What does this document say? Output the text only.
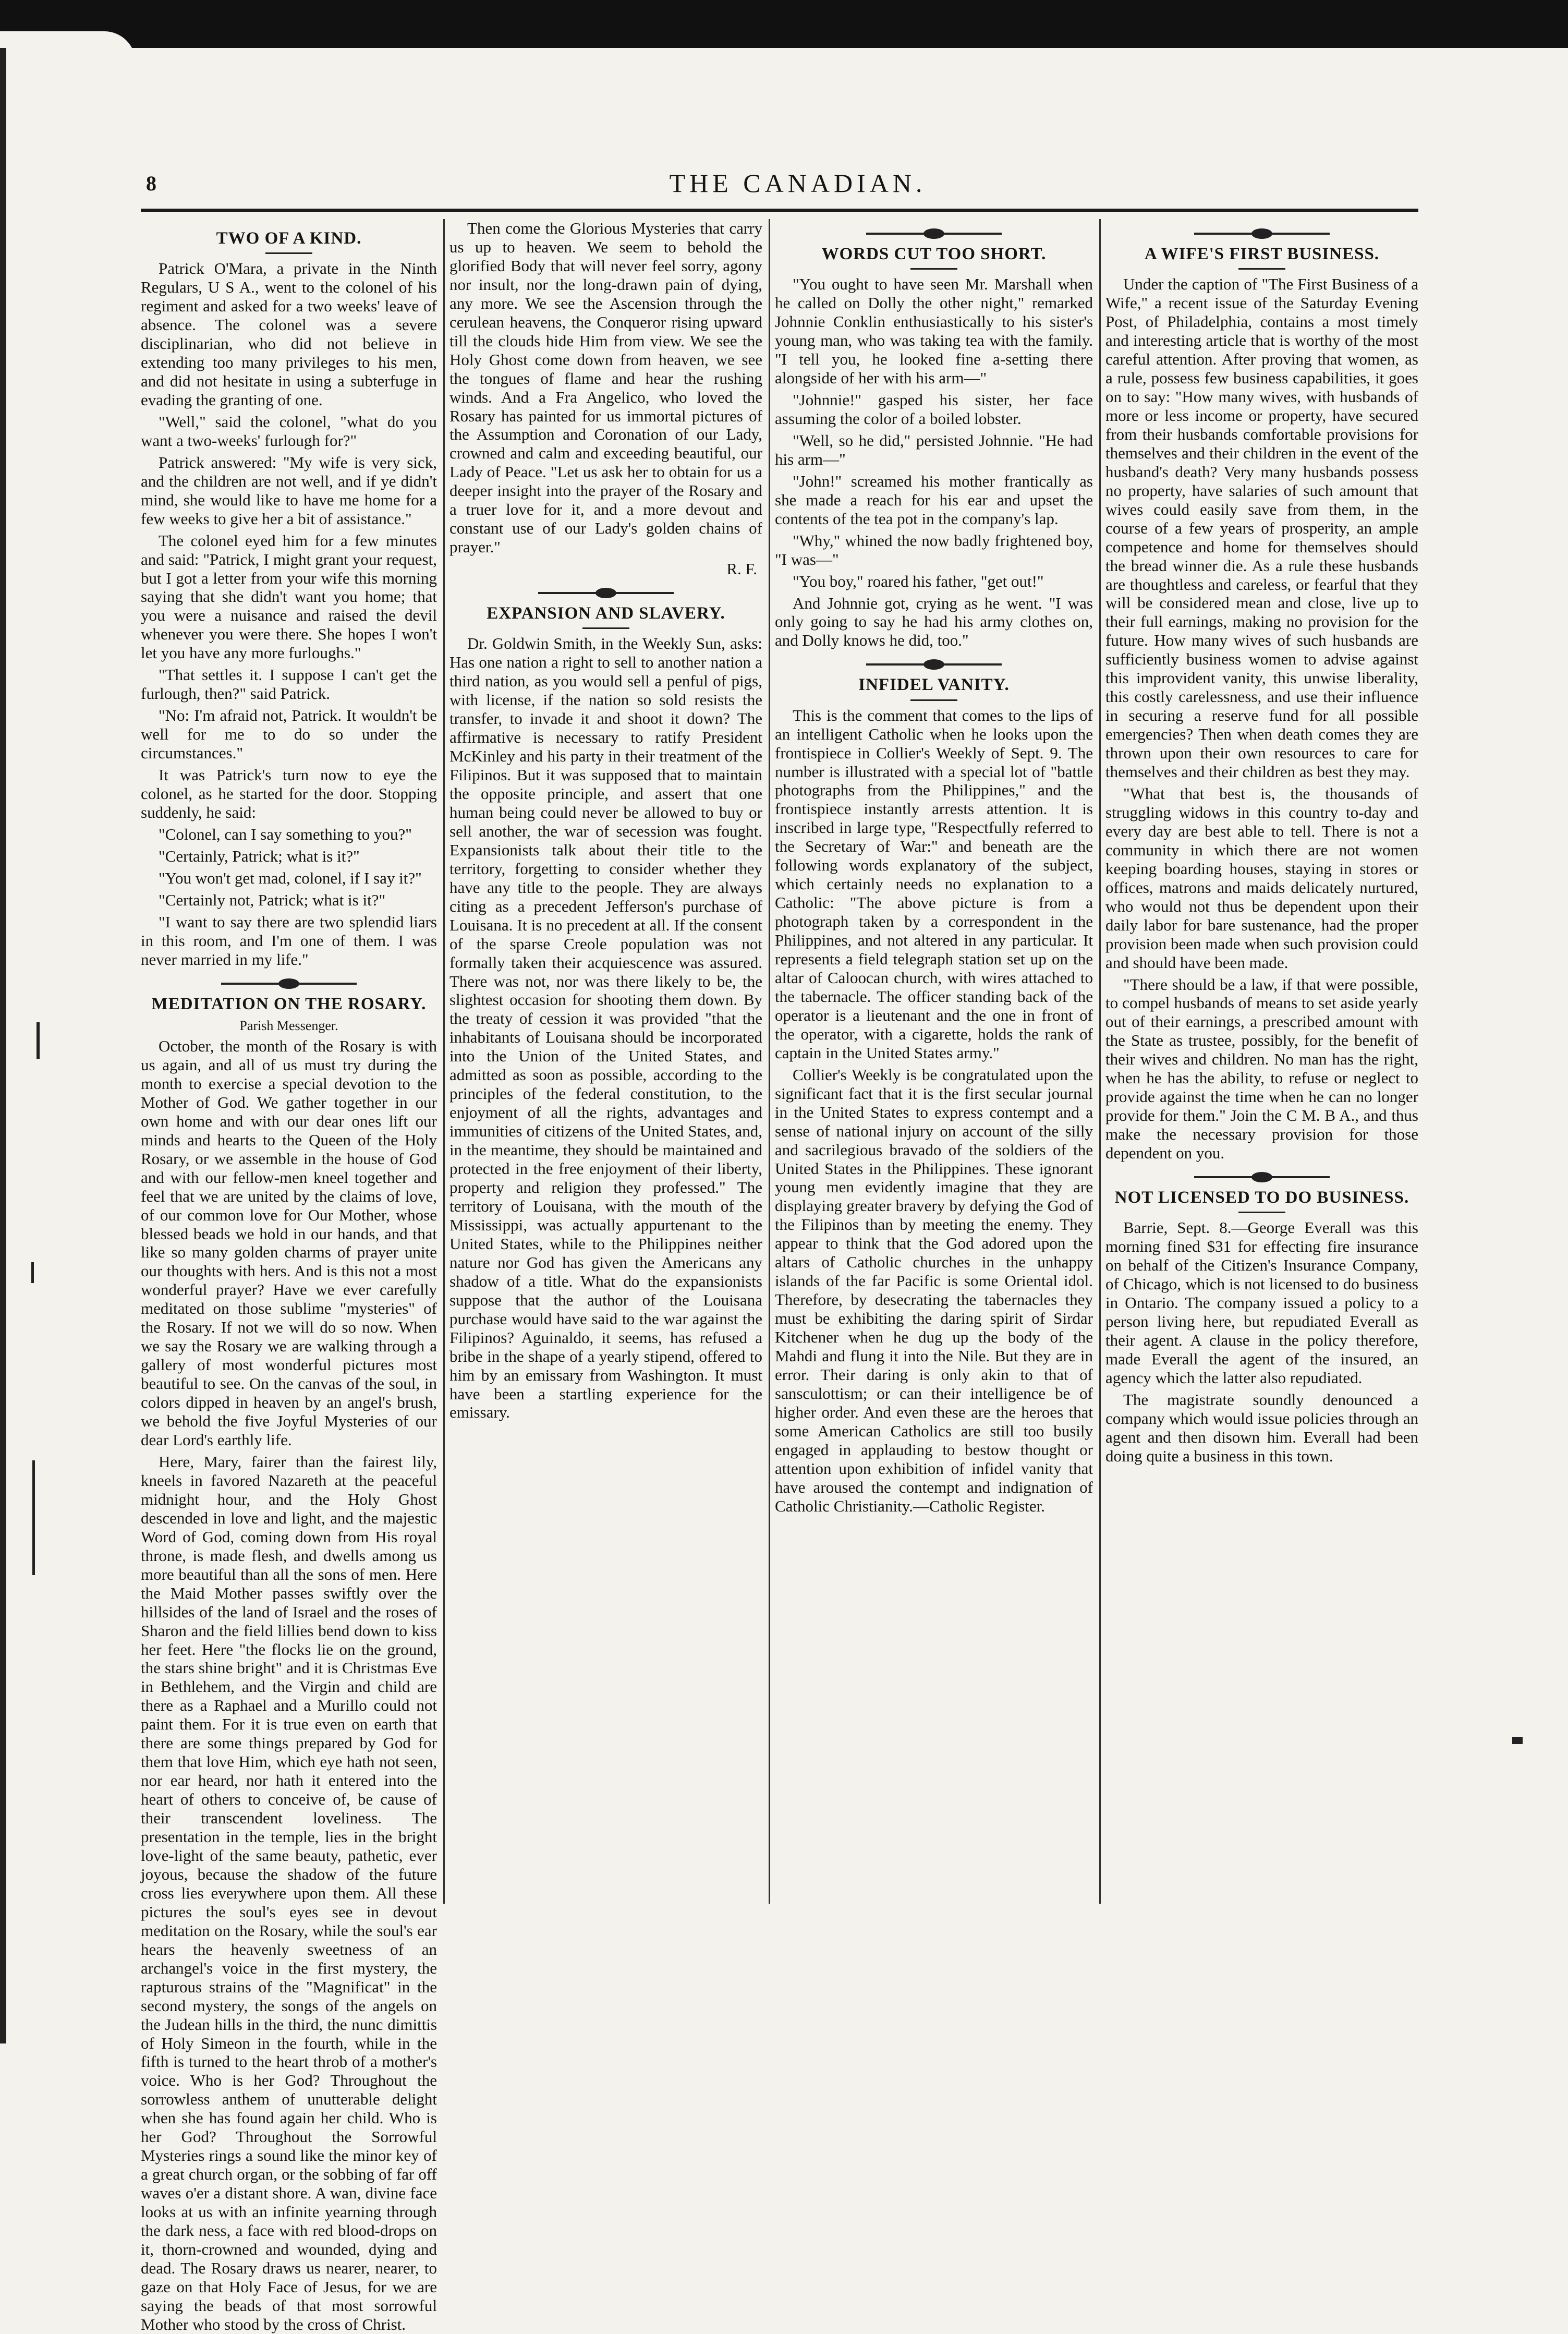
8	THE CANADIAN.
TWO OF A KIND.

Patrick O'Mara, a private in the Ninth Regulars, U S A., went to the colonel of his regiment and asked for a two weeks' leave of absence. The colonel was a severe disciplinarian, who did not believe in extending too many privileges to his men, and did not hesitate in using a subterfuge in evading the granting of one.

"Well," said the colonel, "what do you want a two-weeks' furlough for?"

Patrick answered: "My wife is very sick, and the children are not well, and if ye didn't mind, she would like to have me home for a few weeks to give her a bit of assistance."

The colonel eyed him for a few minutes and said: "Patrick, I might grant your request, but I got a letter from your wife this morning saying that she didn't want you home; that you were a nuisance and raised the devil whenever you were there. She hopes I won't let you have any more furloughs."

"That settles it. I suppose I can't get the furlough, then?" said Patrick.

"No: I'm afraid not, Patrick. It wouldn't be well for me to do so under the circumstances."

It was Patrick's turn now to eye the colonel, as he started for the door. Stopping suddenly, he said:

"Colonel, can I say something to you?"

"Certainly, Patrick; what is it?"

"You won't get mad, colonel, if I say it?"

"Certainly not, Patrick; what is it?"

"I want to say there are two splendid liars in this room, and I'm one of them. I was never married in my life."

MEDITATION ON THE ROSARY.

Parish Messenger.

October, the month of the Rosary is with us again, and all of us must try during the month to exercise a special devotion to the Mother of God. We gather together in our own home and with our dear ones lift our minds and hearts to the Queen of the Holy Rosary, or we assemble in the house of God and with our fellow-men kneel together and feel that we are united by the claims of love, of our common love for Our Mother, whose blessed beads we hold in our hands, and that like so many golden charms of prayer unite our thoughts with hers. And is this not a most wonderful prayer? Have we ever carefully meditated on those sublime "mysteries" of the Rosary. If not we will do so now. When we say the Rosary we are walking through a gallery of most wonderful pictures most beautiful to see. On the canvas of the soul, in colors dipped in heaven by an angel's brush, we behold the five Joyful Mysteries of our dear Lord's earthly life.

Here, Mary, fairer than the fairest lily, kneels in favored Nazareth at the peaceful midnight hour, and the Holy Ghost descended in love and light, and the majestic Word of God, coming down from His royal throne, is made flesh, and dwells among us more beautiful than all the sons of men. Here the Maid Mother passes swiftly over the hillsides of the land of Israel and the roses of Sharon and the field lillies bend down to kiss her feet. Here "the flocks lie on the ground, the stars shine bright" and it is Christmas Eve in Bethlehem, and the Virgin and child are there as a Raphael and a Murillo could not paint them. For it is true even on earth that there are some things prepared by God for them that love Him, which eye hath not seen, nor ear heard, nor hath it entered into the heart of others to conceive of, be cause of their transcendent loveliness. The presentation in the temple, lies in the bright love-light of the same beauty, pathetic, ever joyous, because the shadow of the future cross lies everywhere upon them. All these pictures the soul's eyes see in devout meditation on the Rosary, while the soul's ear hears the heavenly sweetness of an archangel's voice in the first mystery, the rapturous strains of the "Magnificat" in the second mystery, the songs of the angels on the Judean hills in the third, the nunc dimittis of Holy Simeon in the fourth, while in the fifth is turned to the heart throb of a mother's voice. Who is her God? Throughout the sorrowless anthem of unutterable delight when she has found again her child. Who is her God? Throughout the Sorrowful Mysteries rings a sound like the minor key of a great church organ, or the sobbing of far off waves o'er a distant shore. A wan, divine face looks at us with an infinite yearning through the dark ness, a face with red blood-drops on it, thorn-crowned and wounded, dying and dead. The Rosary draws us nearer, nearer, to gaze on that Holy Face of Jesus, for we are saying the beads of that most sorrowful Mother who stood by the cross of Christ.

Then come the Glorious Mysteries that carry us up to heaven. We seem to behold the glorified Body that will never feel sorry, agony nor insult, nor the long-drawn pain of dying, any more. We see the Ascension through the cerulean heavens, the Conqueror rising upward till the clouds hide Him from view. We see the Holy Ghost come down from heaven, we see the tongues of flame and hear the rushing winds. And a Fra Angelico, who loved the Rosary has painted for us immortal pictures of the Assumption and Coronation of our Lady, crowned and calm and exceeding beautiful, our Lady of Peace. "Let us ask her to obtain for us a deeper insight into the prayer of the Rosary and a truer love for it, and a more devout and constant use of our Lady's golden chains of prayer."

R. F.

EXPANSION AND SLAVERY.

Dr. Goldwin Smith, in the Weekly Sun, asks: Has one nation a right to sell to another nation a third nation, as you would sell a penful of pigs, with license, if the nation so sold resists the transfer, to invade it and shoot it down? The affirmative is necessary to ratify President McKinley and his party in their treatment of the Filipinos. But it was supposed that to maintain the opposite principle, and assert that one human being could never be allowed to buy or sell another, the war of secession was fought. Expansionists talk about their title to the territory, forgetting to consider whether they have any title to the people. They are always citing as a precedent Jefferson's purchase of Louisana. It is no precedent at all. If the consent of the sparse Creole population was not formally taken their acquiescence was assured. There was not, nor was there likely to be, the slightest occasion for shooting them down. By the treaty of cession it was provided "that the inhabitants of Louisana should be incorporated into the Union of the United States, and admitted as soon as possible, according to the principles of the federal constitution, to the enjoyment of all the rights, advantages and immunities of citizens of the United States, and, in the meantime, they should be maintained and protected in the free enjoyment of their liberty, property and religion they professed." The territory of Louisana, with the mouth of the Mississippi, was actually appurtenant to the United States, while to the Philippines neither nature nor God has given the Americans any shadow of a title. What do the expansionists suppose that the author of the Louisana purchase would have said to the war against the Filipinos? Aguinaldo, it seems, has refused a bribe in the shape of a yearly stipend, offered to him by an emissary from Washington. It must have been a startling experience for the emissary.

WORDS CUT TOO SHORT.

"You ought to have seen Mr. Marshall when he called on Dolly the other night," remarked Johnnie Conklin enthusiastically to his sister's young man, who was taking tea with the family. "I tell you, he looked fine a-setting there alongside of her with his arm—"

"Johnnie!" gasped his sister, her face assuming the color of a boiled lobster.

"Well, so he did," persisted Johnnie. "He had his arm—"

"John!" screamed his mother frantically as she made a reach for his ear and upset the contents of the tea pot in the company's lap.

"Why," whined the now badly frightened boy, "I was—"

"You boy," roared his father, "get out!"

And Johnnie got, crying as he went. "I was only going to say he had his army clothes on, and Dolly knows he did, too."

INFIDEL VANITY.

This is the comment that comes to the lips of an intelligent Catholic when he looks upon the frontispiece in Collier's Weekly of Sept. 9. The number is illustrated with a special lot of "battle photographs from the Philippines," and the frontispiece instantly arrests attention. It is inscribed in large type, "Respectfully referred to the Secretary of War:" and beneath are the following words explanatory of the subject, which certainly needs no explanation to a Catholic: "The above picture is from a photograph taken by a correspondent in the Philippines, and not altered in any particular. It represents a field telegraph station set up on the altar of Caloocan church, with wires attached to the tabernacle. The officer standing back of the operator is a lieutenant and the one in front of the operator, with a cigarette, holds the rank of captain in the United States army."

Collier's Weekly is be congratulated upon the significant fact that it is the first secular journal in the United States to express contempt and a sense of national injury on account of the silly and sacrilegious bravado of the soldiers of the United States in the Philippines. These ignorant young men evidently imagine that they are displaying greater bravery by defying the God of the Filipinos than by meeting the enemy. They appear to think that the God adored upon the altars of Catholic churches in the unhappy islands of the far Pacific is some Oriental idol. Therefore, by desecrating the tabernacles they must be exhibiting the daring spirit of Sirdar Kitchener when he dug up the body of the Mahdi and flung it into the Nile. But they are in error. Their daring is only akin to that of sansculottism; or can their intelligence be of higher order. And even these are the heroes that some American Catholics are still too busily engaged in applauding to bestow thought or attention upon exhibition of infidel vanity that have aroused the contempt and indignation of Catholic Christianity.—Catholic Register.

A WIFE'S FIRST BUSINESS.

Under the caption of "The First Business of a Wife," a recent issue of the Saturday Evening Post, of Philadelphia, contains a most timely and interesting article that is worthy of the most careful attention. After proving that women, as a rule, possess few business capabilities, it goes on to say: "How many wives, with husbands of more or less income or property, have secured from their husbands comfortable provisions for themselves and their children in the event of the husband's death? Very many husbands possess no property, have salaries of such amount that wives could easily save from them, in the course of a few years of prosperity, an ample competence and home for themselves should the bread winner die. As a rule these husbands are thoughtless and careless, or fearful that they will be considered mean and close, live up to their full earnings, making no provision for the future. How many wives of such husbands are sufficiently business women to advise against this improvident vanity, this unwise liberality, this costly carelessness, and use their influence in securing a reserve fund for all possible emergencies? Then when death comes they are thrown upon their own resources to care for themselves and their children as best they may.

"What that best is, the thousands of struggling widows in this country to-day and every day are best able to tell. There is not a community in which there are not women keeping boarding houses, staying in stores or offices, matrons and maids delicately nurtured, who would not thus be dependent upon their daily labor for bare sustenance, had the proper provision been made when such provision could and should have been made.

"There should be a law, if that were possible, to compel husbands of means to set aside yearly out of their earnings, a prescribed amount with the State as trustee, possibly, for the benefit of their wives and children. No man has the right, when he has the ability, to refuse or neglect to provide against the time when he can no longer provide for them." Join the C M. B A., and thus make the necessary provision for those dependent on you.

NOT LICENSED TO DO BUSINESS.

Barrie, Sept. 8.—George Everall was this morning fined $31 for effecting fire insurance on behalf of the Citizen's Insurance Company, of Chicago, which is not licensed to do business in Ontario. The company issued a policy to a person living here, but repudiated Everall as their agent. A clause in the policy therefore, made Everall the agent of the insured, an agency which the latter also repudiated.

The magistrate soundly denounced a company which would issue policies through an agent and then disown him. Everall had been doing quite a business in this town.
